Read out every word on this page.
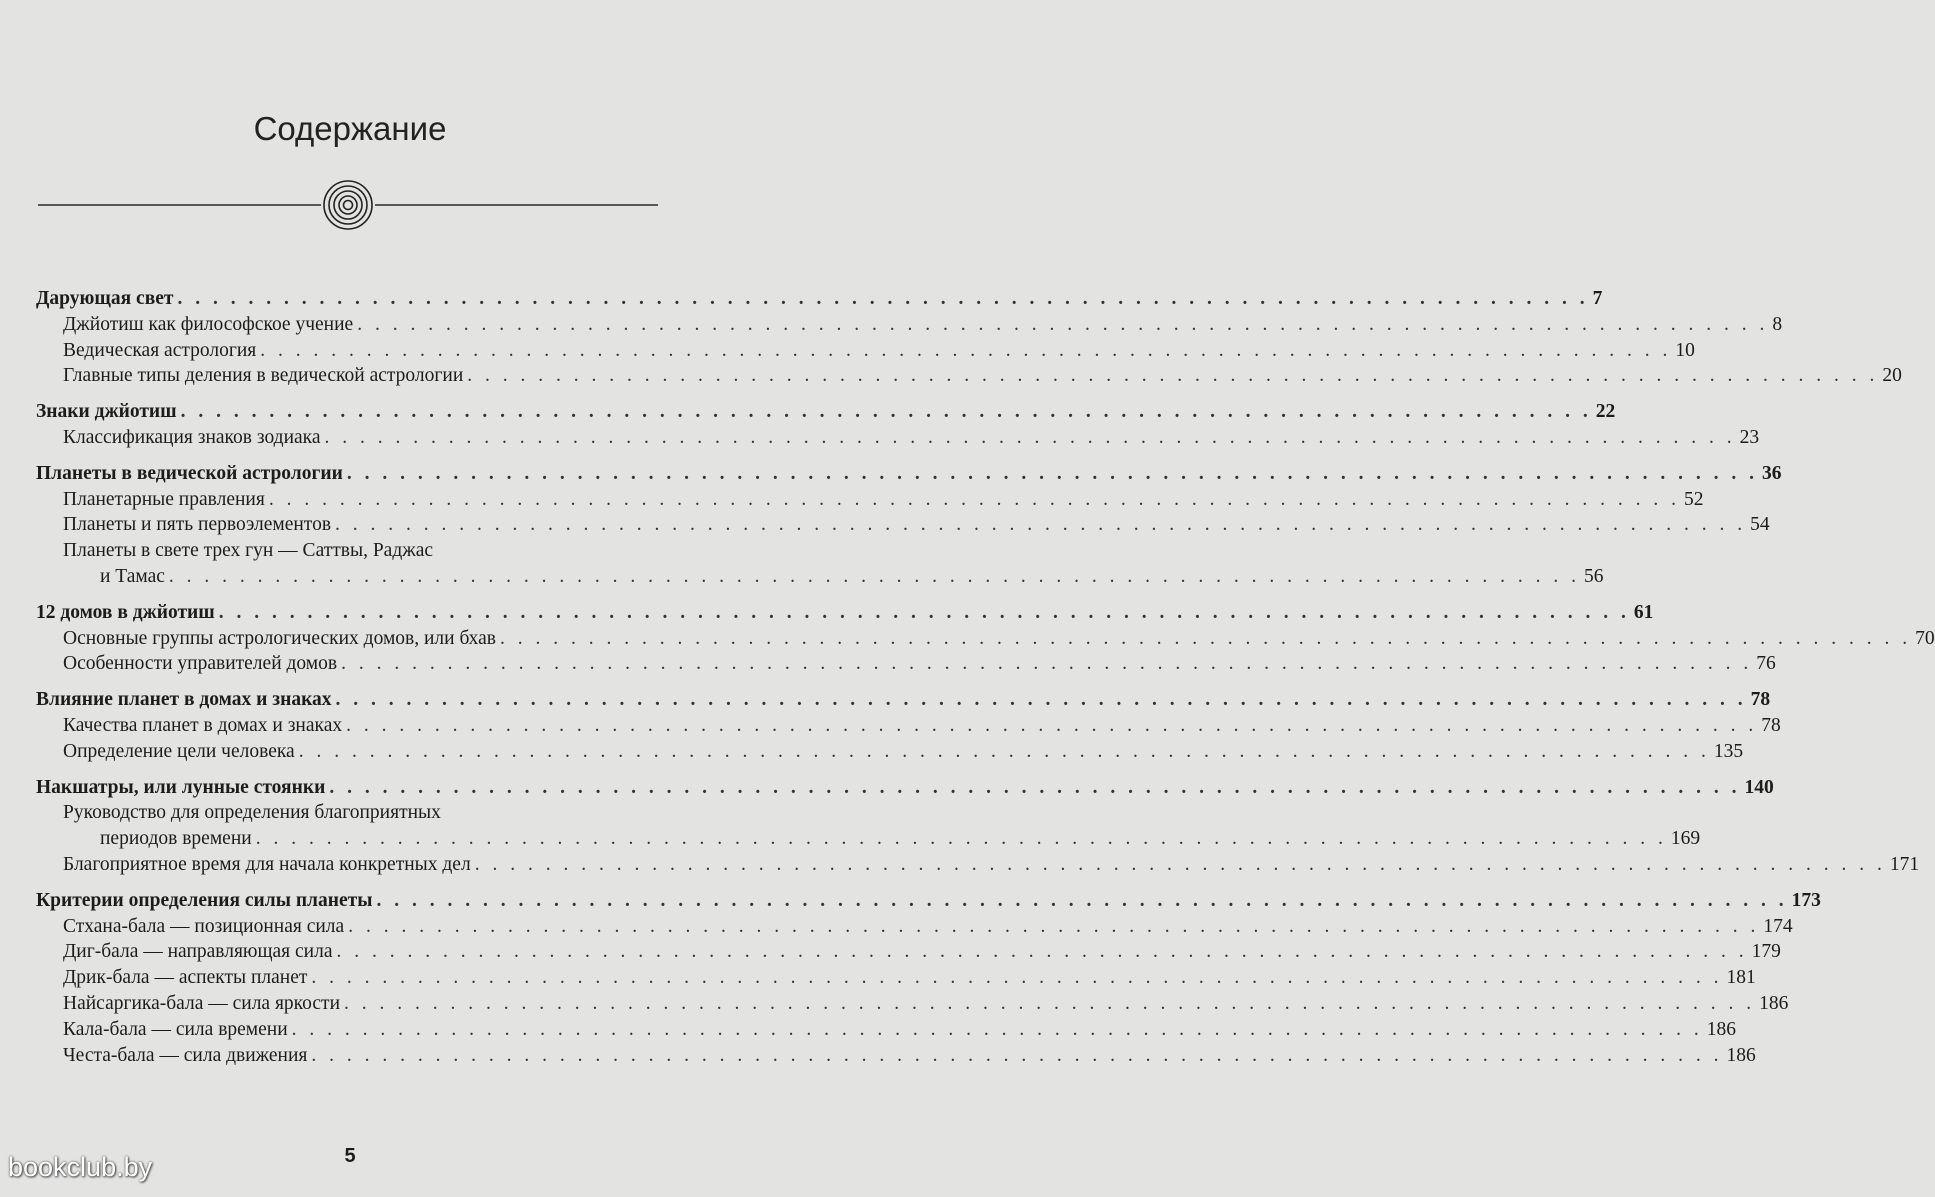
Содержание
Дарующая свет . . . . . . . . . . . . . . . . . . . . . . . . . . . . . . . . . . . . . . . . . . . . . . . . . . . . . . . . . . . . . . . . . . . . . . . . . . . . . . . . 7
Джйотиш как философское учение . . . . . . . . . . . . . . . . . . . . . . . . . . . . . . . . . . . . . . . . . . . . . . . . . . . . . . . . . . . . . . . . . . . . . . . . . . . . . . . . 8
Ведическая астрология . . . . . . . . . . . . . . . . . . . . . . . . . . . . . . . . . . . . . . . . . . . . . . . . . . . . . . . . . . . . . . . . . . . . . . . . . . . . . . . . 10
Главные типы деления в ведической астрологии . . . . . . . . . . . . . . . . . . . . . . . . . . . . . . . . . . . . . . . . . . . . . . . . . . . . . . . . . . . . . . . . . . . . . . . . . . . . . . . . 20
Знаки джйотиш . . . . . . . . . . . . . . . . . . . . . . . . . . . . . . . . . . . . . . . . . . . . . . . . . . . . . . . . . . . . . . . . . . . . . . . . . . . . . . . . 22
Классификация знаков зодиака . . . . . . . . . . . . . . . . . . . . . . . . . . . . . . . . . . . . . . . . . . . . . . . . . . . . . . . . . . . . . . . . . . . . . . . . . . . . . . . . 23
Планеты в ведической астрологии . . . . . . . . . . . . . . . . . . . . . . . . . . . . . . . . . . . . . . . . . . . . . . . . . . . . . . . . . . . . . . . . . . . . . . . . . . . . . . . . 36
Планетарные правления . . . . . . . . . . . . . . . . . . . . . . . . . . . . . . . . . . . . . . . . . . . . . . . . . . . . . . . . . . . . . . . . . . . . . . . . . . . . . . . . 52
Планеты и пять первоэлементов . . . . . . . . . . . . . . . . . . . . . . . . . . . . . . . . . . . . . . . . . . . . . . . . . . . . . . . . . . . . . . . . . . . . . . . . . . . . . . . . 54
Планеты в свете трех гун — Саттвы, Раджас
и Тамас . . . . . . . . . . . . . . . . . . . . . . . . . . . . . . . . . . . . . . . . . . . . . . . . . . . . . . . . . . . . . . . . . . . . . . . . . . . . . . . . 56
12 домов в джйотиш . . . . . . . . . . . . . . . . . . . . . . . . . . . . . . . . . . . . . . . . . . . . . . . . . . . . . . . . . . . . . . . . . . . . . . . . . . . . . . . . 61
Основные группы астрологических домов, или бхав . . . . . . . . . . . . . . . . . . . . . . . . . . . . . . . . . . . . . . . . . . . . . . . . . . . . . . . . . . . . . . . . . . . . . . . . . . . . . . . . 70
Особенности управителей домов . . . . . . . . . . . . . . . . . . . . . . . . . . . . . . . . . . . . . . . . . . . . . . . . . . . . . . . . . . . . . . . . . . . . . . . . . . . . . . . . 76
Влияние планет в домах и знаках . . . . . . . . . . . . . . . . . . . . . . . . . . . . . . . . . . . . . . . . . . . . . . . . . . . . . . . . . . . . . . . . . . . . . . . . . . . . . . . . 78
Качества планет в домах и знаках . . . . . . . . . . . . . . . . . . . . . . . . . . . . . . . . . . . . . . . . . . . . . . . . . . . . . . . . . . . . . . . . . . . . . . . . . . . . . . . . 78
Определение цели человека . . . . . . . . . . . . . . . . . . . . . . . . . . . . . . . . . . . . . . . . . . . . . . . . . . . . . . . . . . . . . . . . . . . . . . . . . . . . . . . . 135
Накшатры, или лунные стоянки . . . . . . . . . . . . . . . . . . . . . . . . . . . . . . . . . . . . . . . . . . . . . . . . . . . . . . . . . . . . . . . . . . . . . . . . . . . . . . . . 140
Руководство для определения благоприятных
периодов времени . . . . . . . . . . . . . . . . . . . . . . . . . . . . . . . . . . . . . . . . . . . . . . . . . . . . . . . . . . . . . . . . . . . . . . . . . . . . . . . . 169
Благоприятное время для начала конкретных дел . . . . . . . . . . . . . . . . . . . . . . . . . . . . . . . . . . . . . . . . . . . . . . . . . . . . . . . . . . . . . . . . . . . . . . . . . . . . . . . . 171
Критерии определения силы планеты . . . . . . . . . . . . . . . . . . . . . . . . . . . . . . . . . . . . . . . . . . . . . . . . . . . . . . . . . . . . . . . . . . . . . . . . . . . . . . . . 173
Стхана-бала — позиционная сила . . . . . . . . . . . . . . . . . . . . . . . . . . . . . . . . . . . . . . . . . . . . . . . . . . . . . . . . . . . . . . . . . . . . . . . . . . . . . . . . 174
Диг-бала — направляющая сила . . . . . . . . . . . . . . . . . . . . . . . . . . . . . . . . . . . . . . . . . . . . . . . . . . . . . . . . . . . . . . . . . . . . . . . . . . . . . . . . 179
Дрик-бала — аспекты планет . . . . . . . . . . . . . . . . . . . . . . . . . . . . . . . . . . . . . . . . . . . . . . . . . . . . . . . . . . . . . . . . . . . . . . . . . . . . . . . . 181
Найсаргика-бала — сила яркости . . . . . . . . . . . . . . . . . . . . . . . . . . . . . . . . . . . . . . . . . . . . . . . . . . . . . . . . . . . . . . . . . . . . . . . . . . . . . . . . 186
Кала-бала — сила времени . . . . . . . . . . . . . . . . . . . . . . . . . . . . . . . . . . . . . . . . . . . . . . . . . . . . . . . . . . . . . . . . . . . . . . . . . . . . . . . . 186
Честа-бала — сила движения . . . . . . . . . . . . . . . . . . . . . . . . . . . . . . . . . . . . . . . . . . . . . . . . . . . . . . . . . . . . . . . . . . . . . . . . . . . . . . . . 186
5
bookclub.by
